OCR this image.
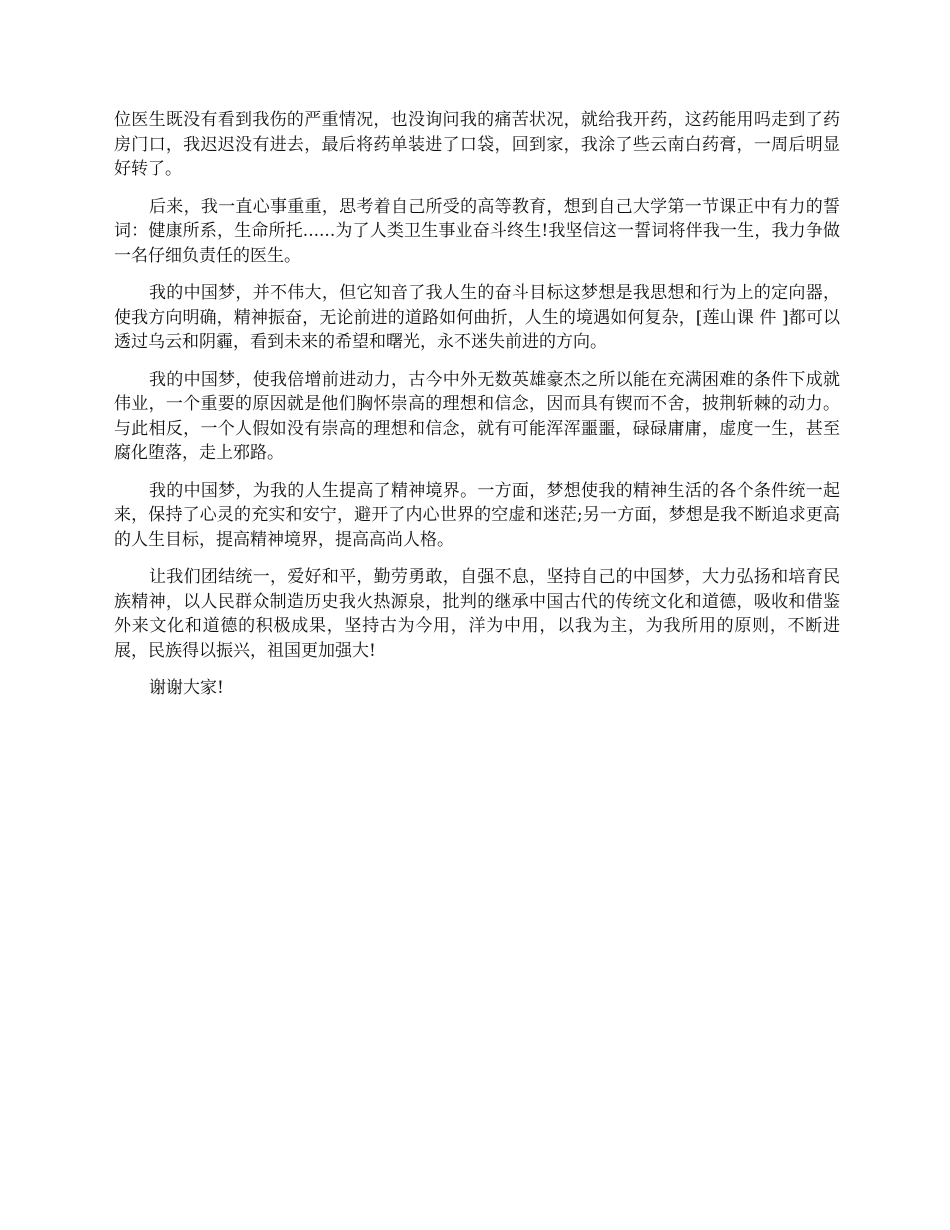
位医生既没有看到我伤的严重情况，也没询问我的痛苦状况，就给我开药，这药能用吗走到了药房门口，我迟迟没有进去，最后将药单装进了口袋，回到家，我涂了些云南白药膏，一周后明显好转了。

后来，我一直心事重重，思考着自己所受的高等教育，想到自己大学第一节课正中有力的誓词：健康所系，生命所托......为了人类卫生事业奋斗终生!我坚信这一誓词将伴我一生，我力争做一名仔细负责任的医生。

我的中国梦，并不伟大，但它知音了我人生的奋斗目标这梦想是我思想和行为上的定向器，使我方向明确，精神振奋，无论前进的道路如何曲折，人生的境遇如何复杂，[莲山课 件 ]都可以透过乌云和阴霾，看到未来的希望和曙光，永不迷失前进的方向。

我的中国梦，使我倍增前进动力，古今中外无数英雄豪杰之所以能在充满困难的条件下成就伟业，一个重要的原因就是他们胸怀崇高的理想和信念，因而具有锲而不舍，披荆斩棘的动力。与此相反，一个人假如没有崇高的理想和信念，就有可能浑浑噩噩，碌碌庸庸，虚度一生，甚至腐化堕落，走上邪路。

我的中国梦，为我的人生提高了精神境界。一方面，梦想使我的精神生活的各个条件统一起来，保持了心灵的充实和安宁，避开了内心世界的空虚和迷茫;另一方面，梦想是我不断追求更高的人生目标，提高精神境界，提高高尚人格。

让我们团结统一，爱好和平，勤劳勇敢，自强不息，坚持自己的中国梦，大力弘扬和培育民族精神，以人民群众制造历史我火热源泉，批判的继承中国古代的传统文化和道德，吸收和借鉴外来文化和道德的积极成果，坚持古为今用，洋为中用，以我为主，为我所用的原则，不断进展，民族得以振兴，祖国更加强大!

谢谢大家!
